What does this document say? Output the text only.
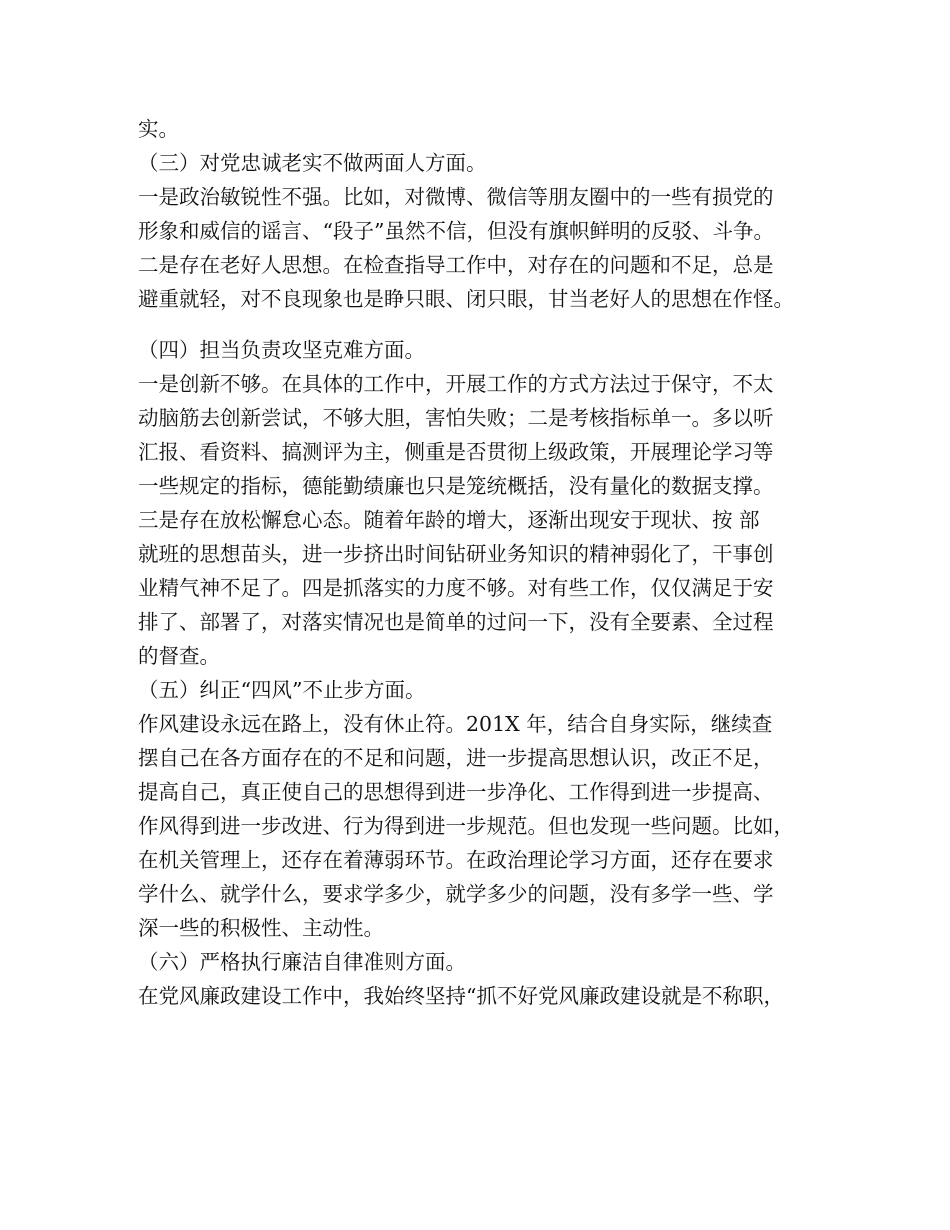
实。
（三）对党忠诚老实不做两面人方面。
一是政治敏锐性不强。比如，对微博、微信等朋友圈中的一些有损党的
形象和威信的谣言、“段子”虽然不信，但没有旗帜鲜明的反驳、斗争。
二是存在老好人思想。在检查指导工作中，对存在的问题和不足，总是
避重就轻，对不良现象也是睁只眼、闭只眼，甘当老好人的思想在作怪。
（四）担当负责攻坚克难方面。
一是创新不够。在具体的工作中，开展工作的方式方法过于保守，不太
动脑筋去创新尝试，不够大胆，害怕失败；二是考核指标单一。多以听
汇报、看资料、搞测评为主，侧重是否贯彻上级政策，开展理论学习等
一些规定的指标，德能勤绩廉也只是笼统概括，没有量化的数据支撑。
三是存在放松懈怠心态。随着年龄的增大，逐渐出现安于现状、按 部
就班的思想苗头，进一步挤出时间钻研业务知识的精神弱化了，干事创
业精气神不足了。四是抓落实的力度不够。对有些工作，仅仅满足于安
排了、部署了，对落实情况也是简单的过问一下，没有全要素、全过程
的督查。
（五）纠正“四风”不止步方面。
作风建设永远在路上，没有休止符。201X 年，结合自身实际，继续查
摆自己在各方面存在的不足和问题，进一步提高思想认识，改正不足，
提高自己，真正使自己的思想得到进一步净化、工作得到进一步提高、
作风得到进一步改进、行为得到进一步规范。但也发现一些问题。比如，
在机关管理上，还存在着薄弱环节。在政治理论学习方面，还存在要求
学什么、就学什么，要求学多少，就学多少的问题，没有多学一些、学
深一些的积极性、主动性。
（六）严格执行廉洁自律准则方面。
在党风廉政建设工作中，我始终坚持“抓不好党风廉政建设就是不称职，
